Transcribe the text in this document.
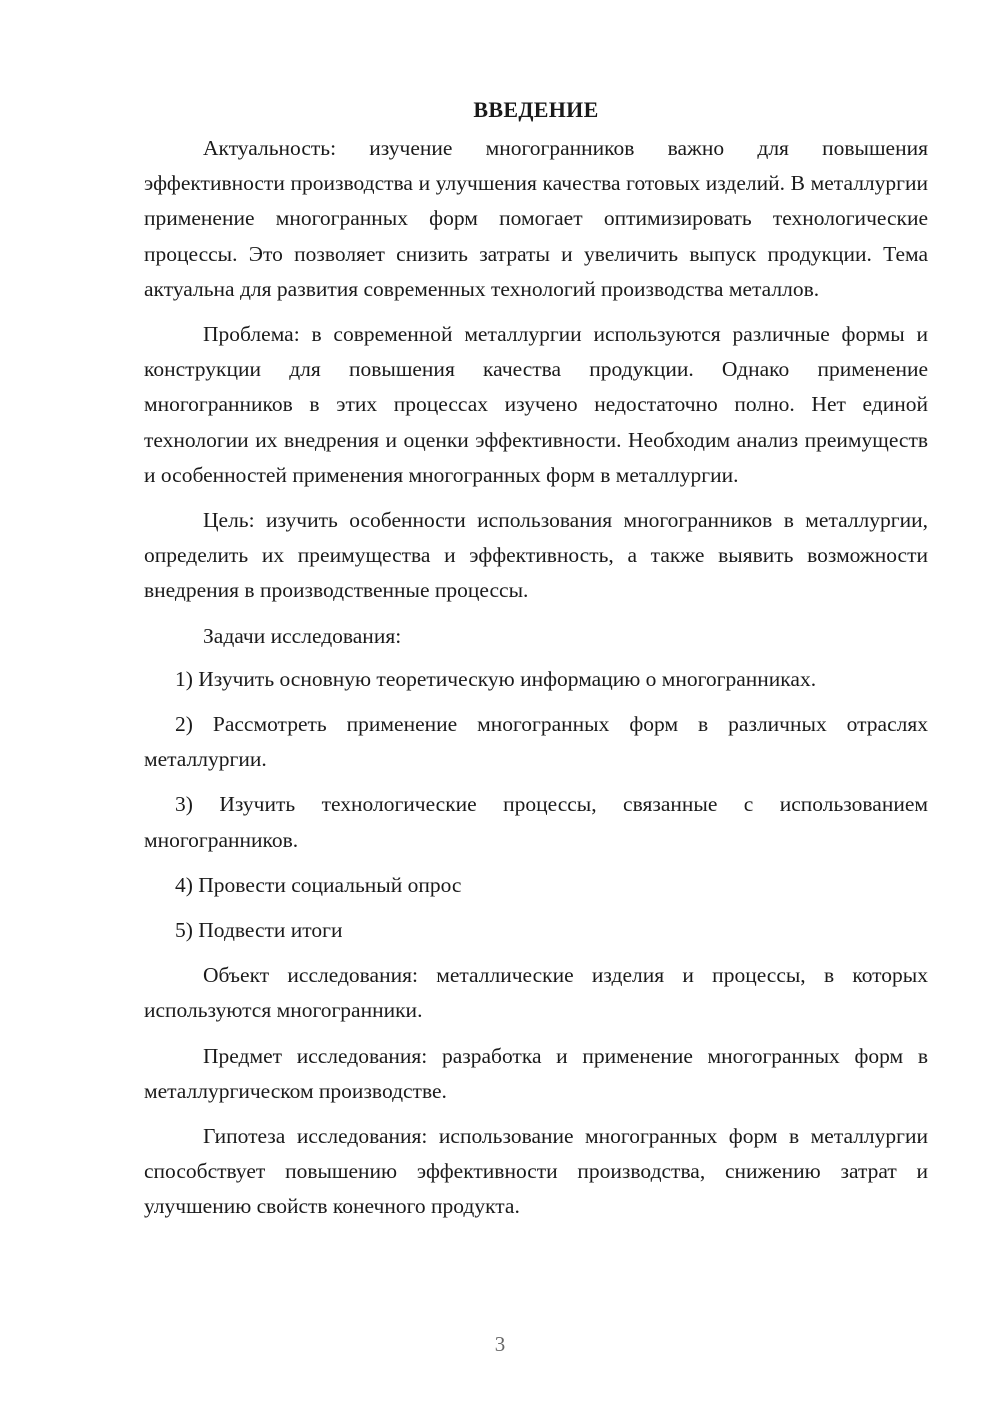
ВВЕДЕНИЕ

Актуальность: изучение многогранников важно для повышения эффективности производства и улучшения качества готовых изделий. В металлургии применение многогранных форм помогает оптимизировать технологические процессы. Это позволяет снизить затраты и увеличить выпуск продукции. Тема актуальна для развития современных технологий производства металлов.

Проблема: в современной металлургии используются различные формы и конструкции для повышения качества продукции. Однако применение многогранников в этих процессах изучено недостаточно полно. Нет единой технологии их внедрения и оценки эффективности. Необходим анализ преимуществ и особенностей применения многогранных форм в металлургии.

Цель: изучить особенности использования многогранников в металлургии, определить их преимущества и эффективность, а также выявить возможности внедрения в производственные процессы.

Задачи исследования:

1) Изучить основную теоретическую информацию о многогранниках.

2) Рассмотреть применение многогранных форм в различных отраслях металлургии.

3) Изучить технологические процессы, связанные с использованием многогранников.

4) Провести социальный опрос

5) Подвести итоги

Объект исследования: металлические изделия и процессы, в которых используются многогранники.

Предмет исследования: разработка и применение многогранных форм в металлургическом производстве.

Гипотеза исследования: использование многогранных форм в металлургии способствует повышению эффективности производства, снижению затрат и улучшению свойств конечного продукта.

3
